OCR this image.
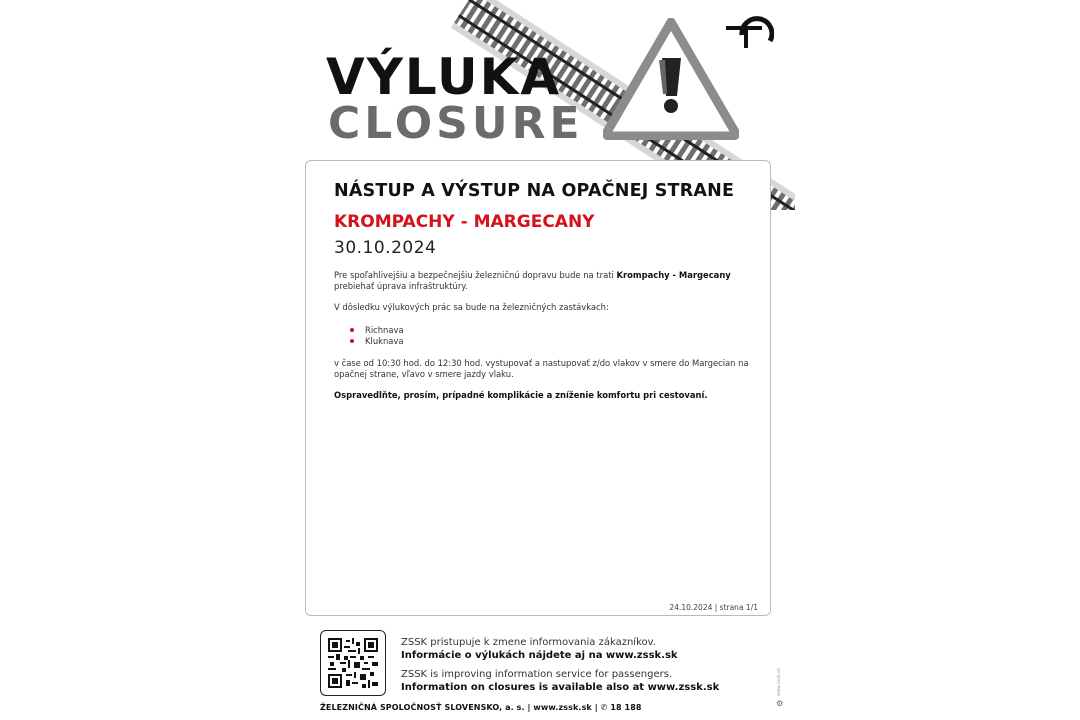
VÝLUKA
CLOSURE
NÁSTUP A VÝSTUP NA OPAČNEJ STRANE
KROMPACHY - MARGECANY
30.10.2024
Pre spoľahlivejšiu a bezpečnejšiu železničnú dopravu bude na trati Krompachy - Margecany prebiehať úprava infraštruktúry.
V dôsledku výlukových prác sa bude na železničných zastávkach:
Richnava
Kluknava
v čase od 10:30 hod. do 12:30 hod. vystupovať a nastupovať z/do vlakov v smere do Margecian na opačnej strane, vľavo v smere jazdy vlaku.
Ospravedlňte, prosím, prípadné komplikácie a zníženie komfortu pri cestovaní.
24.10.2024 | strana 1/1
ZSSK pristupuje k zmene informovania zákazníkov.
Informácie o výlukách nájdete aj na www.zssk.sk
ZSSK is improving information service for passengers.
Information on closures is available also at www.zssk.sk
ŽELEZNIČNÁ SPOLOČNOSŤ SLOVENSKO, a. s. | www.zssk.sk | ✆ 18 188
www.zssk.sk
⚙
